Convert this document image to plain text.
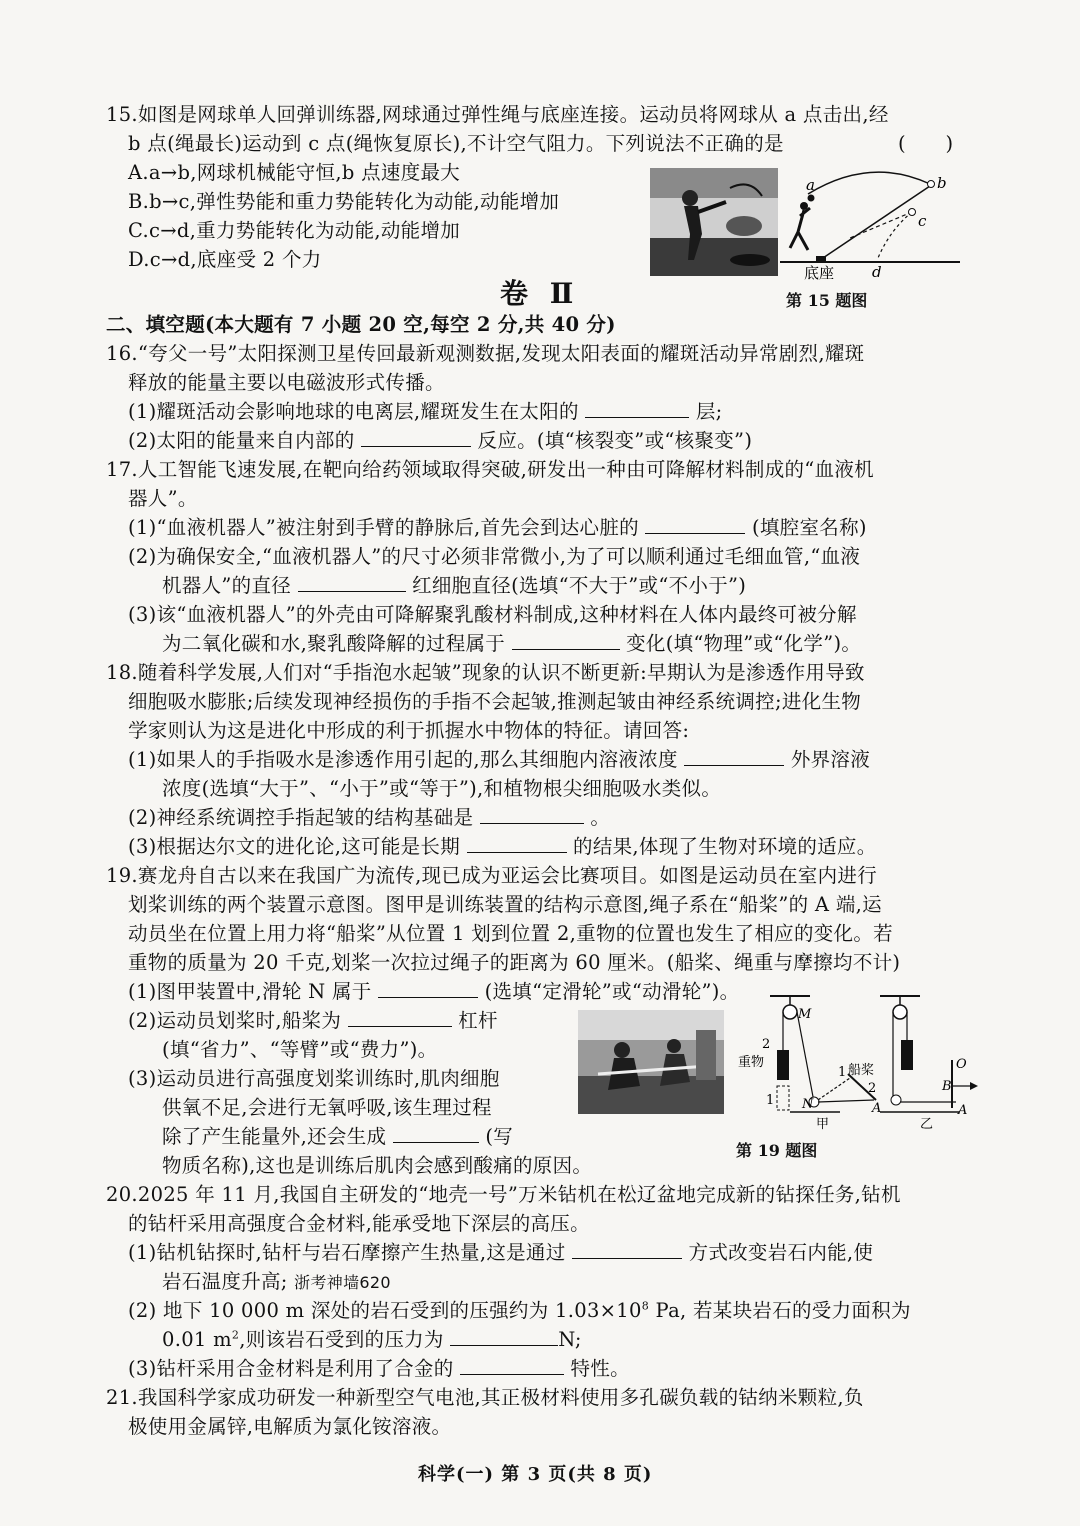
15.如图是网球单人回弹训练器,网球通过弹性绳与底座连接。运动员将网球从 a 点击出,经
b 点(绳最长)运动到 c 点(绳恢复原长),不计空气阻力。下列说法不正确的是	(　　)
A.a→b,网球机械能守恒,b 点速度最大
B.b→c,弹性势能和重力势能转化为动能,动能增加
C.c→d,重力势能转化为动能,动能增加
D.c→d,底座受 2 个力
a	b
c
d
底座
第 15 题图
卷 Ⅱ
二、填空题(本大题有 7 小题 20 空,每空 2 分,共 40 分)
16.“夸父一号”太阳探测卫星传回最新观测数据,发现太阳表面的耀斑活动异常剧烈,耀斑
释放的能量主要以电磁波形式传播。
(1)耀斑活动会影响地球的电离层,耀斑发生在太阳的	层;
(2)太阳的能量来自内部的	反应。(填“核裂变”或“核聚变”)
17.人工智能飞速发展,在靶向给药领域取得突破,研发出一种由可降解材料制成的“血液机
器人”。
(1)“血液机器人”被注射到手臂的静脉后,首先会到达心脏的	(填腔室名称)
(2)为确保安全,“血液机器人”的尺寸必须非常微小,为了可以顺利通过毛细血管,“血液
机器人”的直径	红细胞直径(选填“不大于”或“不小于”)
(3)该“血液机器人”的外壳由可降解聚乳酸材料制成,这种材料在人体内最终可被分解
为二氧化碳和水,聚乳酸降解的过程属于	变化(填“物理”或“化学”)。
18.随着科学发展,人们对“手指泡水起皱”现象的认识不断更新:早期认为是渗透作用导致
细胞吸水膨胀;后续发现神经损伤的手指不会起皱,推测起皱由神经系统调控;进化生物
学家则认为这是进化中形成的利于抓握水中物体的特征。请回答:
(1)如果人的手指吸水是渗透作用引起的,那么其细胞内溶液浓度	外界溶液
浓度(选填“大于”、“小于”或“等于”),和植物根尖细胞吸水类似。
(2)神经系统调控手指起皱的结构基础是	。
(3)根据达尔文的进化论,这可能是长期	的结果,体现了生物对环境的适应。
19.赛龙舟自古以来在我国广为流传,现已成为亚运会比赛项目。如图是运动员在室内进行
划桨训练的两个装置示意图。图甲是训练装置的结构示意图,绳子系在“船桨”的 A 端,运
动员坐在位置上用力将“船桨”从位置 1 划到位置 2,重物的位置也发生了相应的变化。若
重物的质量为 20 千克,划桨一次拉过绳子的距离为 60 厘米。(船桨、绳重与摩擦均不计)
(1)图甲装置中,滑轮 N 属于	(选填“定滑轮”或“动滑轮”)。
(2)运动员划桨时,船桨为	杠杆
(填“省力”、“等臂”或“费力”)。
(3)运动员进行高强度划桨训练时,肌肉细胞
供氧不足,会进行无氧呼吸,该生理过程
除了产生能量外,还会生成	(写
物质名称),这也是训练后肌肉会感到酸痛的原因。
M
N	A
2
1
重物
1
2
船桨
甲
O
B
A
乙
第 19 题图
20.2025 年 11 月,我国自主研发的“地壳一号”万米钻机在松辽盆地完成新的钻探任务,钻机
的钻杆采用高强度合金材料,能承受地下深层的高压。
(1)钻机钻探时,钻杆与岩石摩擦产生热量,这是通过	方式改变岩石内能,使
岩石温度升高; 浙考神墙620
(2) 地下 10 000 m 深处的岩石受到的压强约为 $1.03\times 10^8$ Pa, 若某块岩石的受力面积为
0.01 $m^2$,则该岩石受到的压力为	N;
(3)钻杆采用合金材料是利用了合金的	特性。
21.我国科学家成功研发一种新型空气电池,其正极材料使用多孔碳负载的钴纳米颗粒,负
极使用金属锌,电解质为氯化铵溶液。
科学(一) 第 3 页(共 8 页)
